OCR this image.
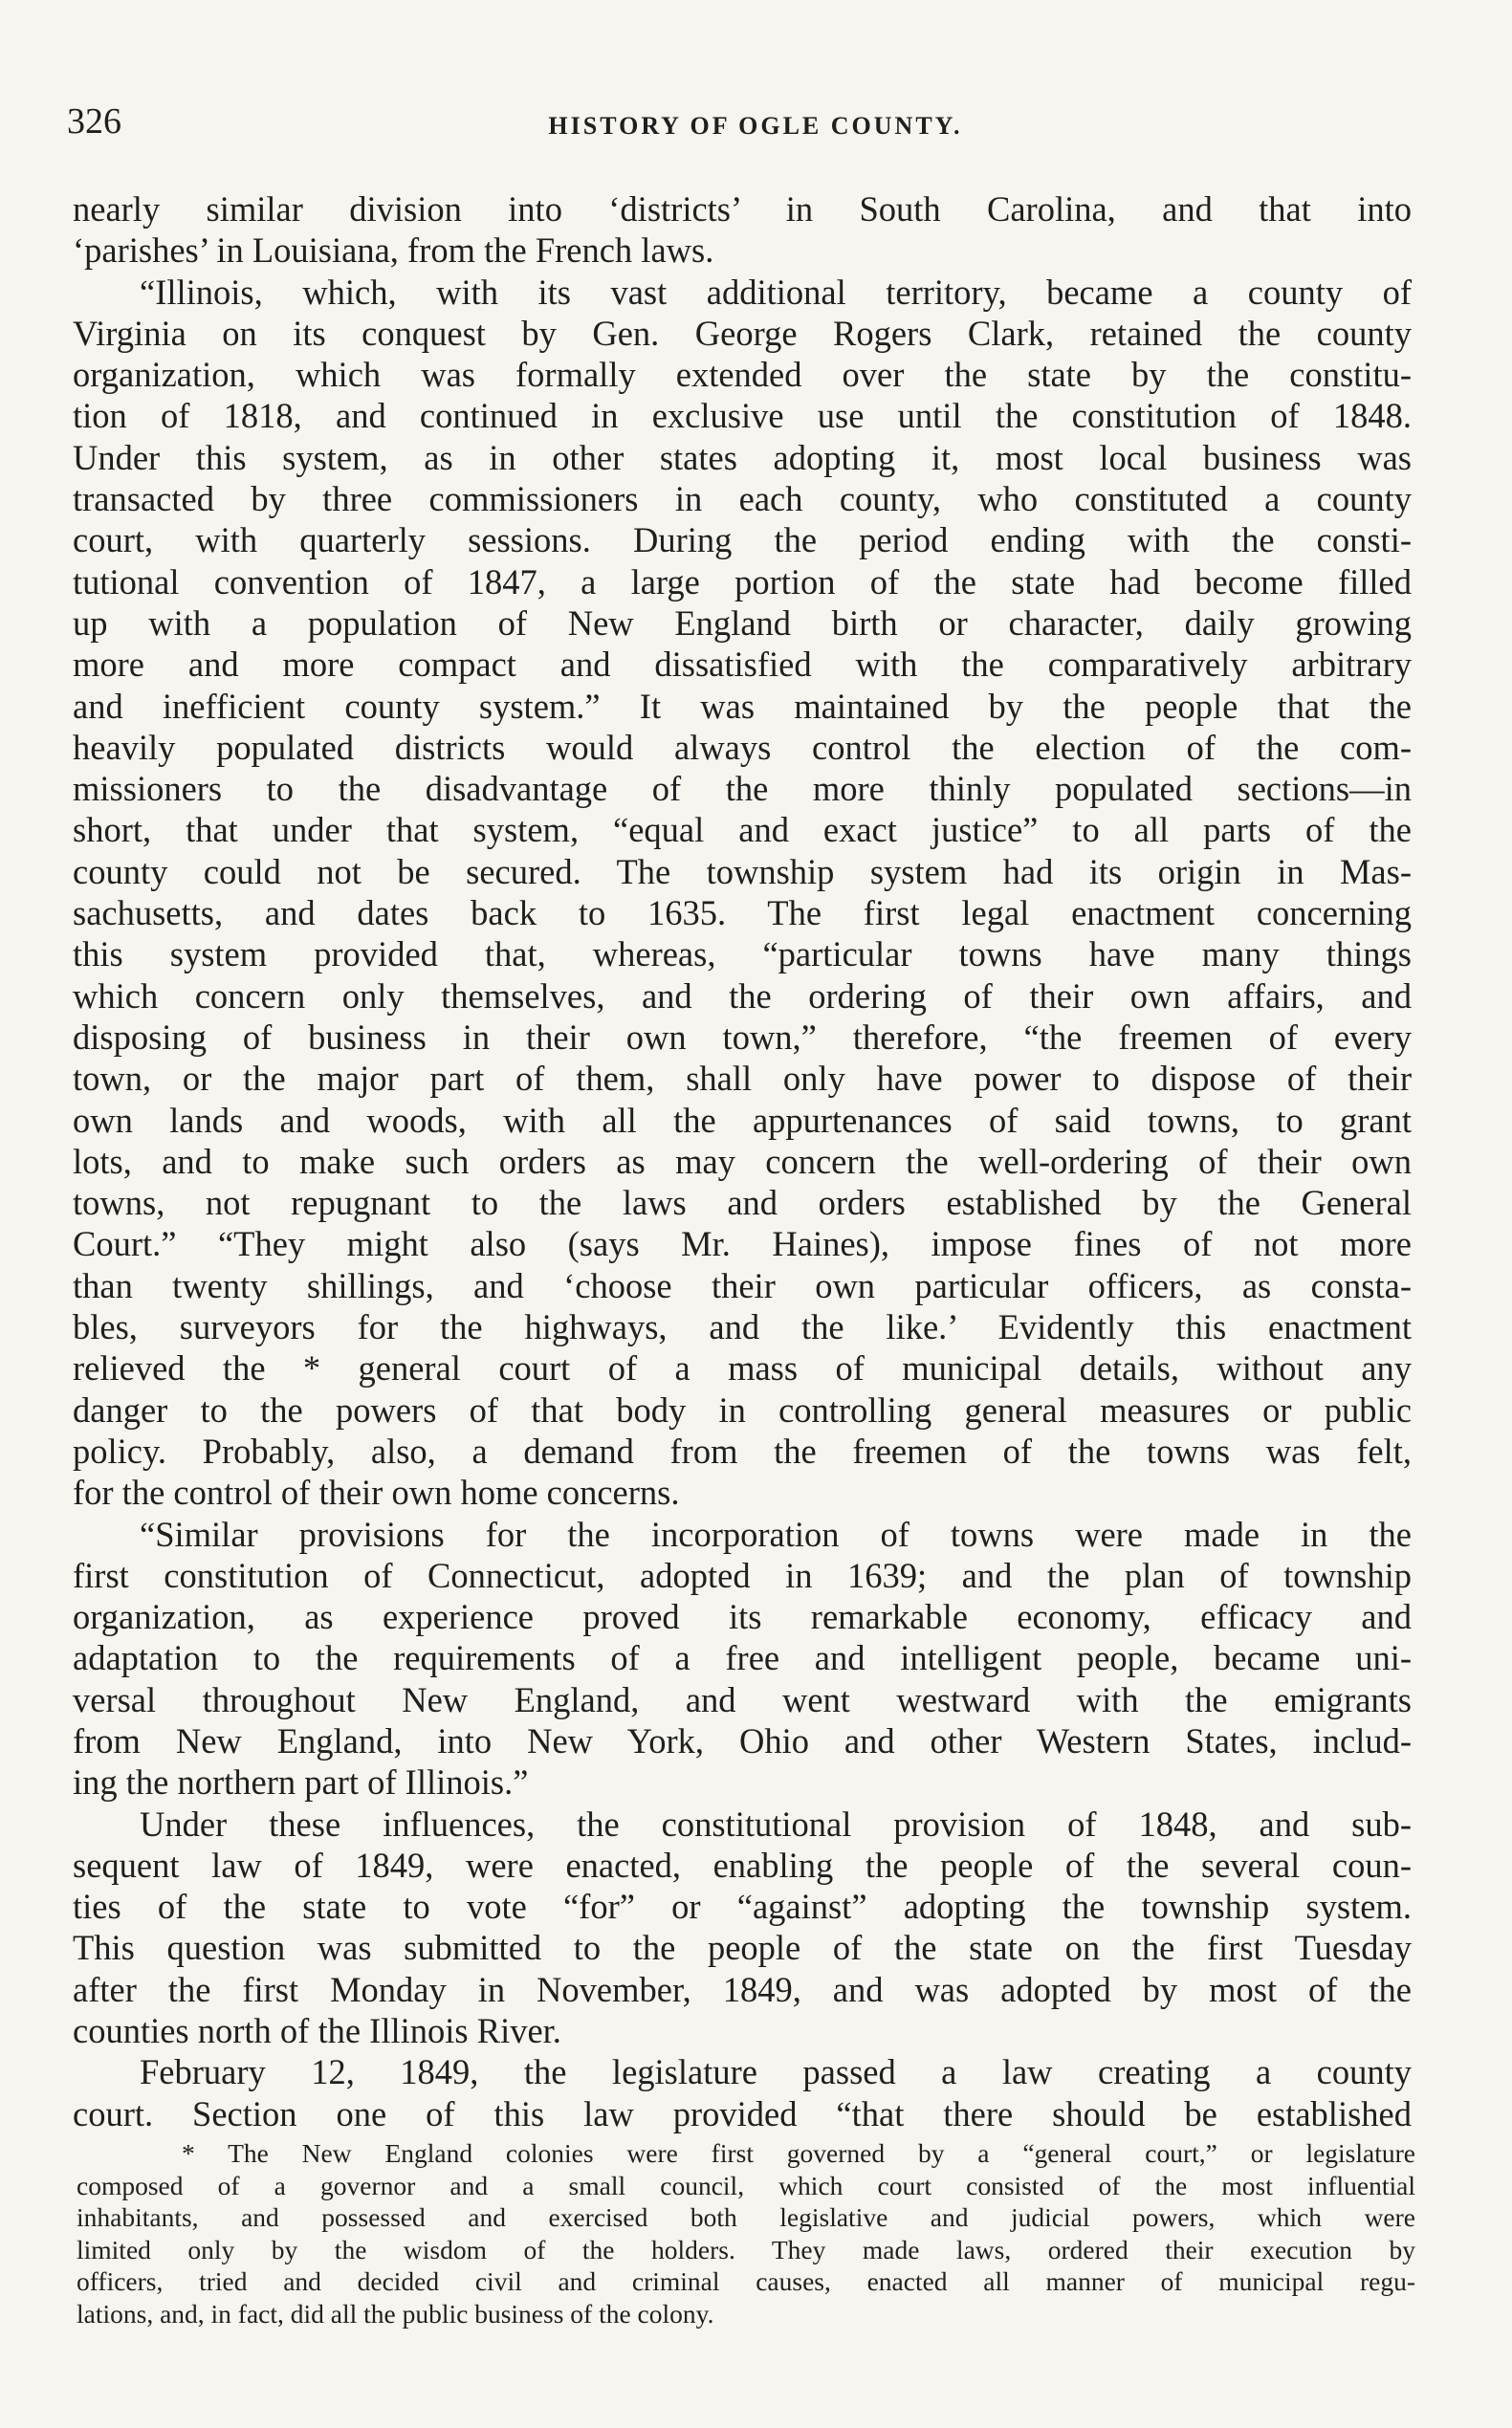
326	HISTORY OF OGLE COUNTY.
nearly similar division into ‘districts’ in South Carolina, and that into
‘parishes’ in Louisiana, from the French laws.
“Illinois, which, with its vast additional territory, became a county of
Virginia on its conquest by Gen. George Rogers Clark, retained the county
organization, which was formally extended over the state by the constitu-
tion of 1818, and continued in exclusive use until the constitution of 1848.
Under this system, as in other states adopting it, most local business was
transacted by three commissioners in each county, who constituted a county
court, with quarterly sessions. During the period ending with the consti-
tutional convention of 1847, a large portion of the state had become filled
up with a population of New England birth or character, daily growing
more and more compact and dissatisfied with the comparatively arbitrary
and inefficient county system.” It was maintained by the people that the
heavily populated districts would always control the election of the com-
missioners to the disadvantage of the more thinly populated sections—in
short, that under that system, “equal and exact justice” to all parts of the
county could not be secured. The township system had its origin in Mas-
sachusetts, and dates back to 1635. The first legal enactment concerning
this system provided that, whereas, “particular towns have many things
which concern only themselves, and the ordering of their own affairs, and
disposing of business in their own town,” therefore, “the freemen of every
town, or the major part of them, shall only have power to dispose of their
own lands and woods, with all the appurtenances of said towns, to grant
lots, and to make such orders as may concern the well-ordering of their own
towns, not repugnant to the laws and orders established by the General
Court.” “They might also (says Mr. Haines), impose fines of not more
than twenty shillings, and ‘choose their own particular officers, as consta-
bles, surveyors for the highways, and the like.’ Evidently this enactment
relieved the * general court of a mass of municipal details, without any
danger to the powers of that body in controlling general measures or public
policy. Probably, also, a demand from the freemen of the towns was felt,
for the control of their own home concerns.
“Similar provisions for the incorporation of towns were made in the
first constitution of Connecticut, adopted in 1639; and the plan of township
organization, as experience proved its remarkable economy, efficacy and
adaptation to the requirements of a free and intelligent people, became uni-
versal throughout New England, and went westward with the emigrants
from New England, into New York, Ohio and other Western States, includ-
ing the northern part of Illinois.”
Under these influences, the constitutional provision of 1848, and sub-
sequent law of 1849, were enacted, enabling the people of the several coun-
ties of the state to vote “for” or “against” adopting the township system.
This question was submitted to the people of the state on the first Tuesday
after the first Monday in November, 1849, and was adopted by most of the
counties north of the Illinois River.
February 12, 1849, the legislature passed a law creating a county
court. Section one of this law provided “that there should be established
* The New England colonies were first governed by a “general court,” or legislature
composed of a governor and a small council, which court consisted of the most influential
inhabitants, and possessed and exercised both legislative and judicial powers, which were
limited only by the wisdom of the holders. They made laws, ordered their execution by
officers, tried and decided civil and criminal causes, enacted all manner of municipal regu-
lations, and, in fact, did all the public business of the colony.
